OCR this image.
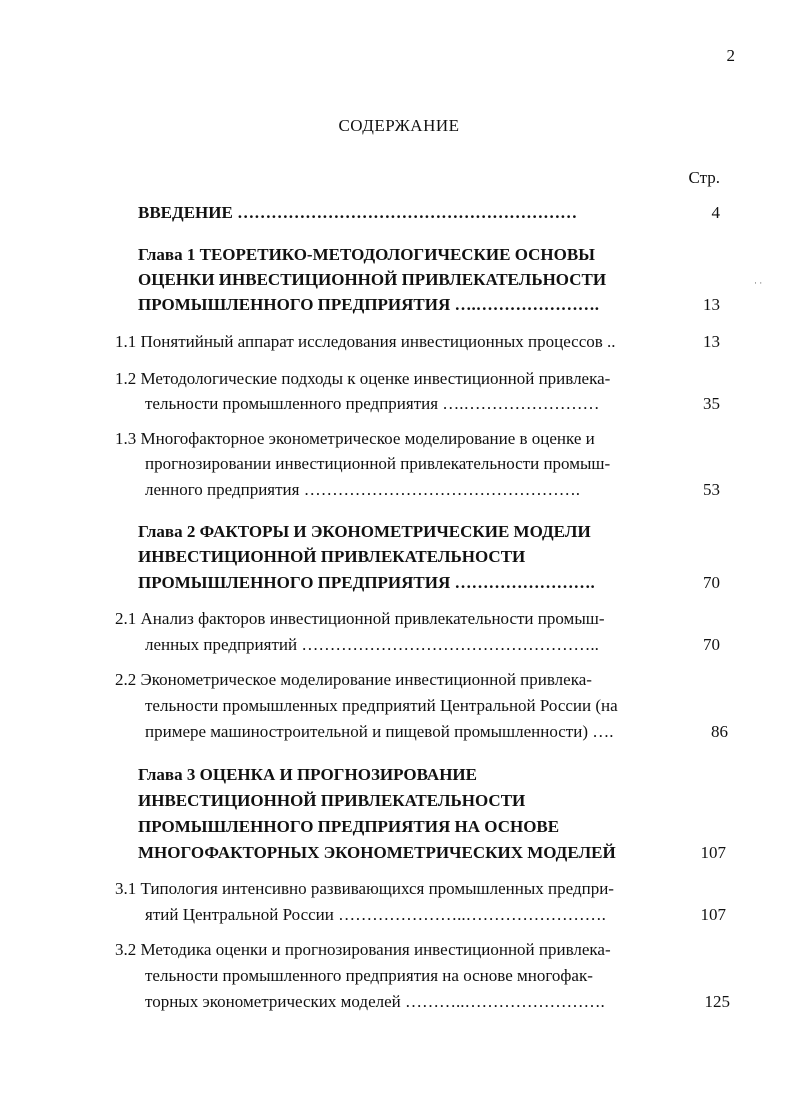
2
СОДЕРЖАНИЕ
Стр.
· ·
ВВЕДЕНИЕ ……………………………………………………	4
Глава 1 ТЕОРЕТИКО-МЕТОДОЛОГИЧЕСКИЕ ОСНОВЫ
ОЦЕНКИ ИНВЕСТИЦИОННОЙ ПРИВЛЕКАТЕЛЬНОСТИ
ПРОМЫШЛЕННОГО ПРЕДПРИЯТИЯ ….………………….	13
1.1 Понятийный аппарат исследования инвестиционных процессов ..	13
1.2 Методологические подходы к оценке инвестиционной привлека-
тельности промышленного предприятия ….……………………	35
1.3 Многофакторное эконометрическое моделирование в оценке и
прогнозировании инвестиционной привлекательности промыш-
ленного предприятия ………………………………………….	53
Глава 2 ФАКТОРЫ И ЭКОНОМЕТРИЧЕСКИЕ МОДЕЛИ
ИНВЕСТИЦИОННОЙ ПРИВЛЕКАТЕЛЬНОСТИ
ПРОМЫШЛЕННОГО ПРЕДПРИЯТИЯ …………………….	70
2.1 Анализ факторов инвестиционной привлекательности промыш-
ленных предприятий ……………………………………………..	70
2.2 Эконометрическое моделирование инвестиционной привлека-
тельности промышленных предприятий Центральной России (на
примере машиностроительной и пищевой промышленности) ….	86
Глава 3 ОЦЕНКА И ПРОГНОЗИРОВАНИЕ
ИНВЕСТИЦИОННОЙ ПРИВЛЕКАТЕЛЬНОСТИ
ПРОМЫШЛЕННОГО ПРЕДПРИЯТИЯ НА ОСНОВЕ
МНОГОФАКТОРНЫХ ЭКОНОМЕТРИЧЕСКИХ МОДЕЛЕЙ	107
3.1 Типология интенсивно развивающихся промышленных предпри-
ятий Центральной России …………………..…………………….	107
3.2 Методика оценки и прогнозирования инвестиционной привлека-
тельности промышленного предприятия на основе многофак-
торных эконометрических моделей ………..…………………….	125
